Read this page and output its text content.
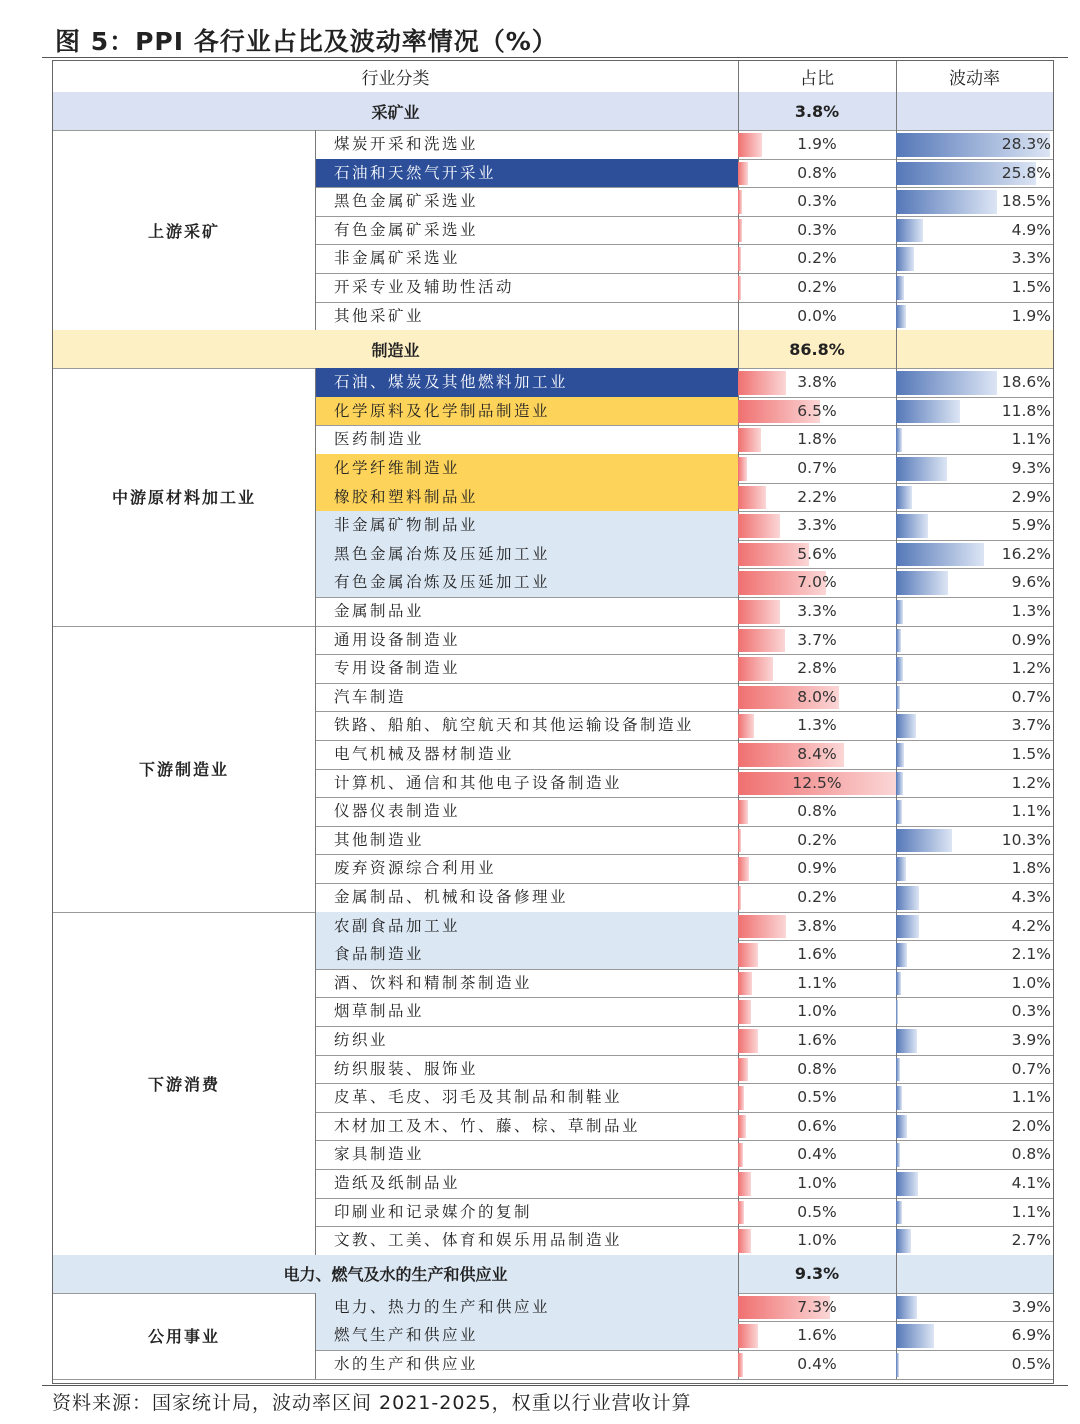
图 5：PPI 各行业占比及波动率情况（%）
行业分类	占比	波动率
采矿业	3.8%
上游采矿
煤炭开采和洗选业	1.9%	28.3%
石油和天然气开采业	0.8%	25.8%
黑色金属矿采选业	0.3%	18.5%
有色金属矿采选业	0.3%	4.9%
非金属矿采选业	0.2%	3.3%
开采专业及辅助性活动	0.2%	1.5%
其他采矿业	0.0%	1.9%
制造业	86.8%
中游原材料加工业
石油、煤炭及其他燃料加工业	3.8%	18.6%
化学原料及化学制品制造业	6.5%	11.8%
医药制造业	1.8%	1.1%
化学纤维制造业	0.7%	9.3%
橡胶和塑料制品业	2.2%	2.9%
非金属矿物制品业	3.3%	5.9%
黑色金属冶炼及压延加工业	5.6%	16.2%
有色金属冶炼及压延加工业	7.0%	9.6%
金属制品业	3.3%	1.3%
下游制造业
通用设备制造业	3.7%	0.9%
专用设备制造业	2.8%	1.2%
汽车制造	8.0%	0.7%
铁路、船舶、航空航天和其他运输设备制造业	1.3%	3.7%
电气机械及器材制造业	8.4%	1.5%
计算机、通信和其他电子设备制造业	12.5%	1.2%
仪器仪表制造业	0.8%	1.1%
其他制造业	0.2%	10.3%
废弃资源综合利用业	0.9%	1.8%
金属制品、机械和设备修理业	0.2%	4.3%
下游消费
农副食品加工业	3.8%	4.2%
食品制造业	1.6%	2.1%
酒、饮料和精制茶制造业	1.1%	1.0%
烟草制品业	1.0%	0.3%
纺织业	1.6%	3.9%
纺织服装、服饰业	0.8%	0.7%
皮革、毛皮、羽毛及其制品和制鞋业	0.5%	1.1%
木材加工及木、竹、藤、棕、草制品业	0.6%	2.0%
家具制造业	0.4%	0.8%
造纸及纸制品业	1.0%	4.1%
印刷业和记录媒介的复制	0.5%	1.1%
文教、工美、体育和娱乐用品制造业	1.0%	2.7%
电力、燃气及水的生产和供应业	9.3%
公用事业
电力、热力的生产和供应业	7.3%	3.9%
燃气生产和供应业	1.6%	6.9%
水的生产和供应业	0.4%	0.5%
资料来源：国家统计局，波动率区间 2021-2025，权重以行业营收计算
